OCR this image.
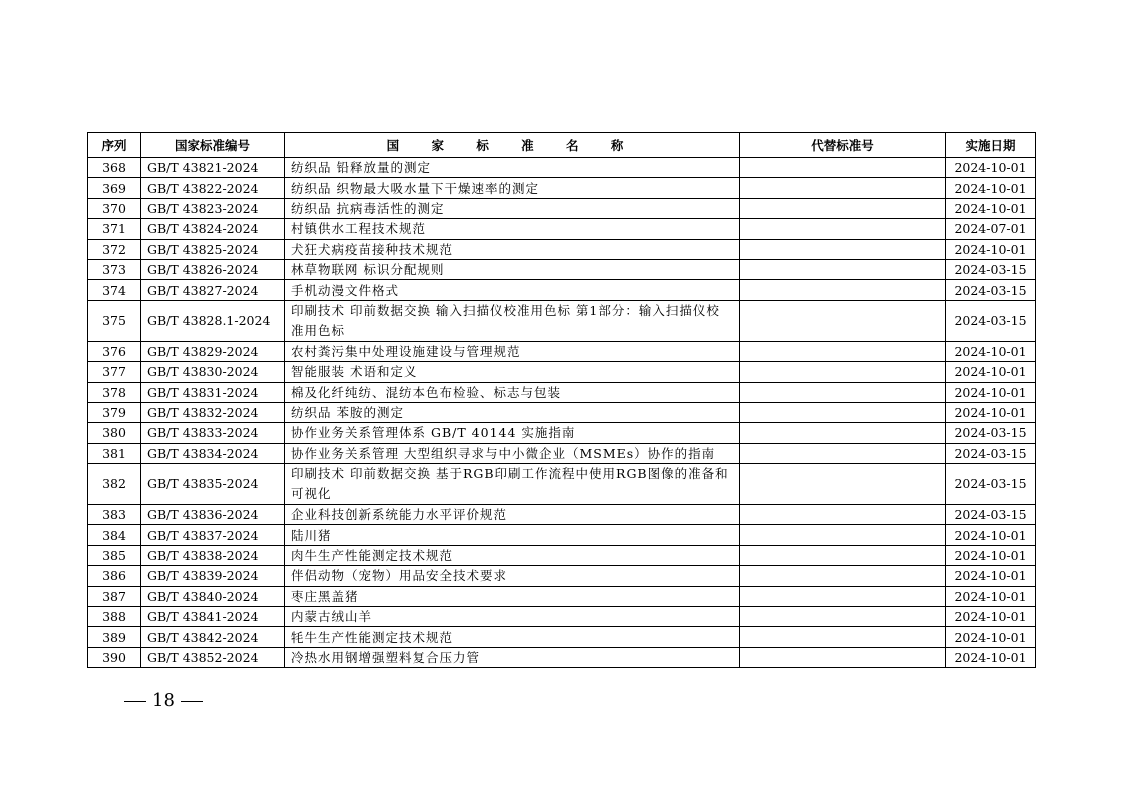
序列	国家标准编号	国 家 标 准 名 称	代替标准号	实施日期
368	GB/T 43821-2024	纺织品 铅释放量的测定		2024-10-01
369	GB/T 43822-2024	纺织品 织物最大吸水量下干燥速率的测定		2024-10-01
370	GB/T 43823-2024	纺织品 抗病毒活性的测定		2024-10-01
371	GB/T 43824-2024	村镇供水工程技术规范		2024-07-01
372	GB/T 43825-2024	犬狂犬病疫苗接种技术规范		2024-10-01
373	GB/T 43826-2024	林草物联网 标识分配规则		2024-03-15
374	GB/T 43827-2024	手机动漫文件格式		2024-03-15
375	GB/T 43828.1-2024	印刷技术 印前数据交换 输入扫描仪校准用色标 第1部分：输入扫描仪校准用色标		2024-03-15
376	GB/T 43829-2024	农村粪污集中处理设施建设与管理规范		2024-10-01
377	GB/T 43830-2024	智能服装 术语和定义		2024-10-01
378	GB/T 43831-2024	棉及化纤纯纺、混纺本色布检验、标志与包装		2024-10-01
379	GB/T 43832-2024	纺织品 苯胺的测定		2024-10-01
380	GB/T 43833-2024	协作业务关系管理体系 GB/T 40144 实施指南		2024-03-15
381	GB/T 43834-2024	协作业务关系管理 大型组织寻求与中小微企业（MSMEs）协作的指南		2024-03-15
382	GB/T 43835-2024	印刷技术 印前数据交换 基于RGB印刷工作流程中使用RGB图像的准备和可视化		2024-03-15
383	GB/T 43836-2024	企业科技创新系统能力水平评价规范		2024-03-15
384	GB/T 43837-2024	陆川猪		2024-10-01
385	GB/T 43838-2024	肉牛生产性能测定技术规范		2024-10-01
386	GB/T 43839-2024	伴侣动物（宠物）用品安全技术要求		2024-10-01
387	GB/T 43840-2024	枣庄黑盖猪		2024-10-01
388	GB/T 43841-2024	内蒙古绒山羊		2024-10-01
389	GB/T 43842-2024	牦牛生产性能测定技术规范		2024-10-01
390	GB/T 43852-2024	冷热水用钢增强塑料复合压力管		2024-10-01
18
